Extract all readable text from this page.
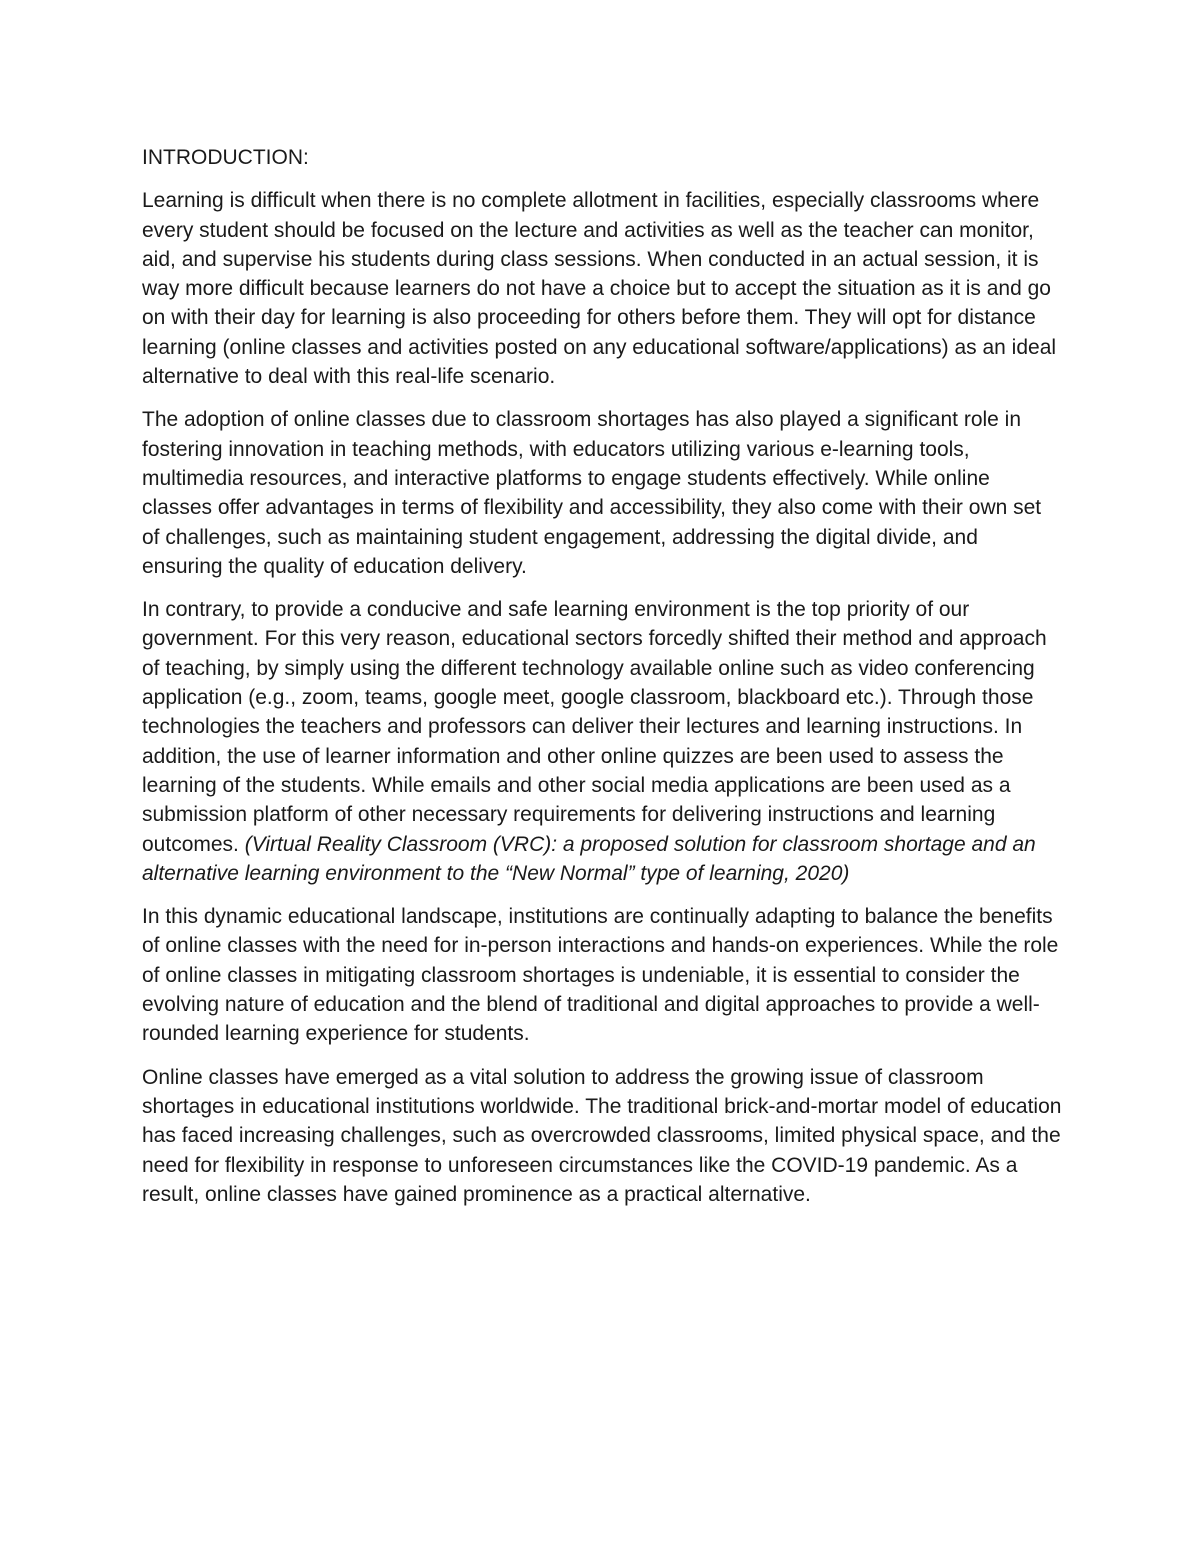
INTRODUCTION:

Learning is difficult when there is no complete allotment in facilities, especially classrooms where every student should be focused on the lecture and activities as well as the teacher can monitor, aid, and supervise his students during class sessions. When conducted in an actual session, it is way more difficult because learners do not have a choice but to accept the situation as it is and go on with their day for learning is also proceeding for others before them. They will opt for distance learning (online classes and activities posted on any educational software/applications) as an ideal alternative to deal with this real-life scenario.

The adoption of online classes due to classroom shortages has also played a significant role in fostering innovation in teaching methods, with educators utilizing various e-learning tools, multimedia resources, and interactive platforms to engage students effectively. While online classes offer advantages in terms of flexibility and accessibility, they also come with their own set of challenges, such as maintaining student engagement, addressing the digital divide, and ensuring the quality of education delivery.

In contrary, to provide a conducive and safe learning environment is the top priority of our government. For this very reason, educational sectors forcedly shifted their method and approach of teaching, by simply using the different technology available online such as video conferencing application (e.g., zoom, teams, google meet, google classroom, blackboard etc.). Through those technologies the teachers and professors can deliver their lectures and learning instructions. In addition, the use of learner information and other online quizzes are been used to assess the learning of the students. While emails and other social media applications are been used as a submission platform of other necessary requirements for delivering instructions and learning outcomes. (Virtual Reality Classroom (VRC): a proposed solution for classroom shortage and an alternative learning environment to the “New Normal” type of learning, 2020)

In this dynamic educational landscape, institutions are continually adapting to balance the benefits of online classes with the need for in-person interactions and hands-on experiences. While the role of online classes in mitigating classroom shortages is undeniable, it is essential to consider the evolving nature of education and the blend of traditional and digital approaches to provide a well-rounded learning experience for students.

Online classes have emerged as a vital solution to address the growing issue of classroom shortages in educational institutions worldwide. The traditional brick-and-mortar model of education has faced increasing challenges, such as overcrowded classrooms, limited physical space, and the need for flexibility in response to unforeseen circumstances like the COVID-19 pandemic. As a result, online classes have gained prominence as a practical alternative.
